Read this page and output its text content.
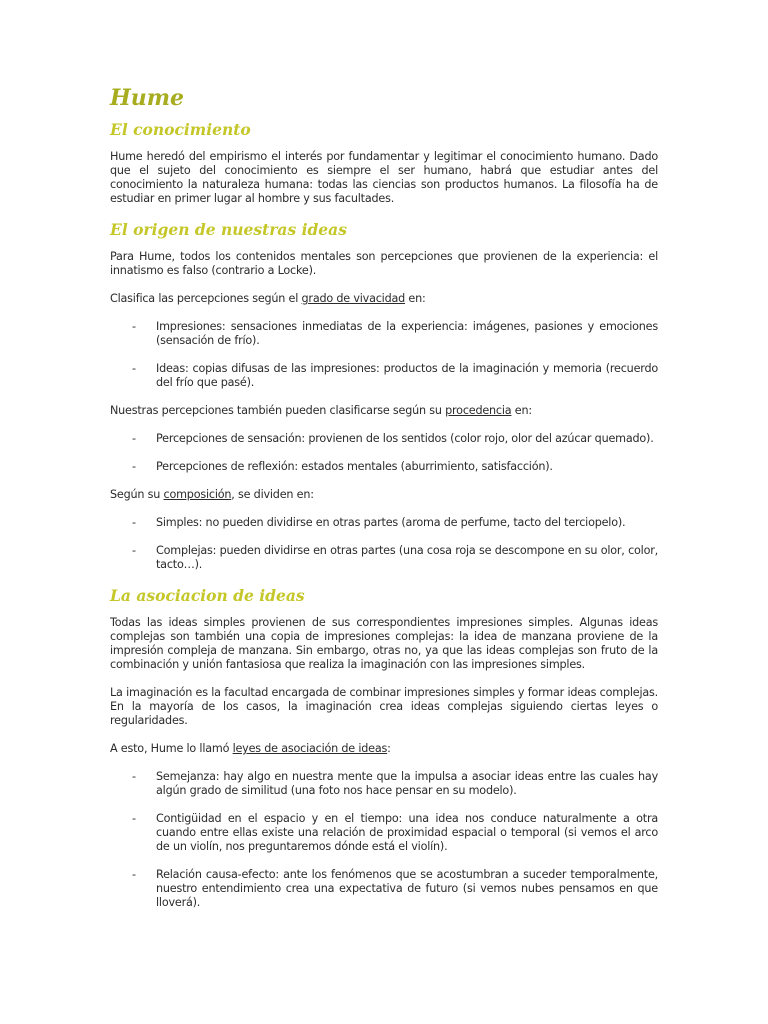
Hume
El conocimiento

Hume heredó del empirismo el interés por fundamentar y legitimar el conocimiento humano. Dado que el sujeto del conocimiento es siempre el ser humano, habrá que estudiar antes del conocimiento la naturaleza humana: todas las ciencias son productos humanos. La filosofía ha de estudiar en primer lugar al hombre y sus facultades.

El origen de nuestras ideas

Para Hume, todos los contenidos mentales son percepciones que provienen de la experiencia: el innatismo es falso (contrario a Locke).

Clasifica las percepciones según el grado de vivacidad en:

- Impresiones: sensaciones inmediatas de la experiencia: imágenes, pasiones y emociones (sensación de frío).
- Ideas: copias difusas de las impresiones: productos de la imaginación y memoria (recuerdo del frío que pasé).

Nuestras percepciones también pueden clasificarse según su procedencia en:

- Percepciones de sensación: provienen de los sentidos (color rojo, olor del azúcar quemado).
- Percepciones de reflexión: estados mentales (aburrimiento, satisfacción).

Según su composición, se dividen en:

- Simples: no pueden dividirse en otras partes (aroma de perfume, tacto del terciopelo).
- Complejas: pueden dividirse en otras partes (una cosa roja se descompone en su olor, color, tacto…).
La asociacion de ideas

Todas las ideas simples provienen de sus correspondientes impresiones simples. Algunas ideas complejas son también una copia de impresiones complejas: la idea de manzana proviene de la impresión compleja de manzana. Sin embargo, otras no, ya que las ideas complejas son fruto de la combinación y unión fantasiosa que realiza la imaginación con las impresiones simples.

La imaginación es la facultad encargada de combinar impresiones simples y formar ideas complejas. En la mayoría de los casos, la imaginación crea ideas complejas siguiendo ciertas leyes o regularidades.

A esto, Hume lo llamó leyes de asociación de ideas:

- Semejanza: hay algo en nuestra mente que la impulsa a asociar ideas entre las cuales hay algún grado de similitud (una foto nos hace pensar en su modelo).
- Contigüidad en el espacio y en el tiempo: una idea nos conduce naturalmente a otra cuando entre ellas existe una relación de proximidad espacial o temporal (si vemos el arco de un violín, nos preguntaremos dónde está el violín).
- Relación causa-efecto: ante los fenómenos que se acostumbran a suceder temporalmente, nuestro entendimiento crea una expectativa de futuro (si vemos nubes pensamos en que lloverá).
